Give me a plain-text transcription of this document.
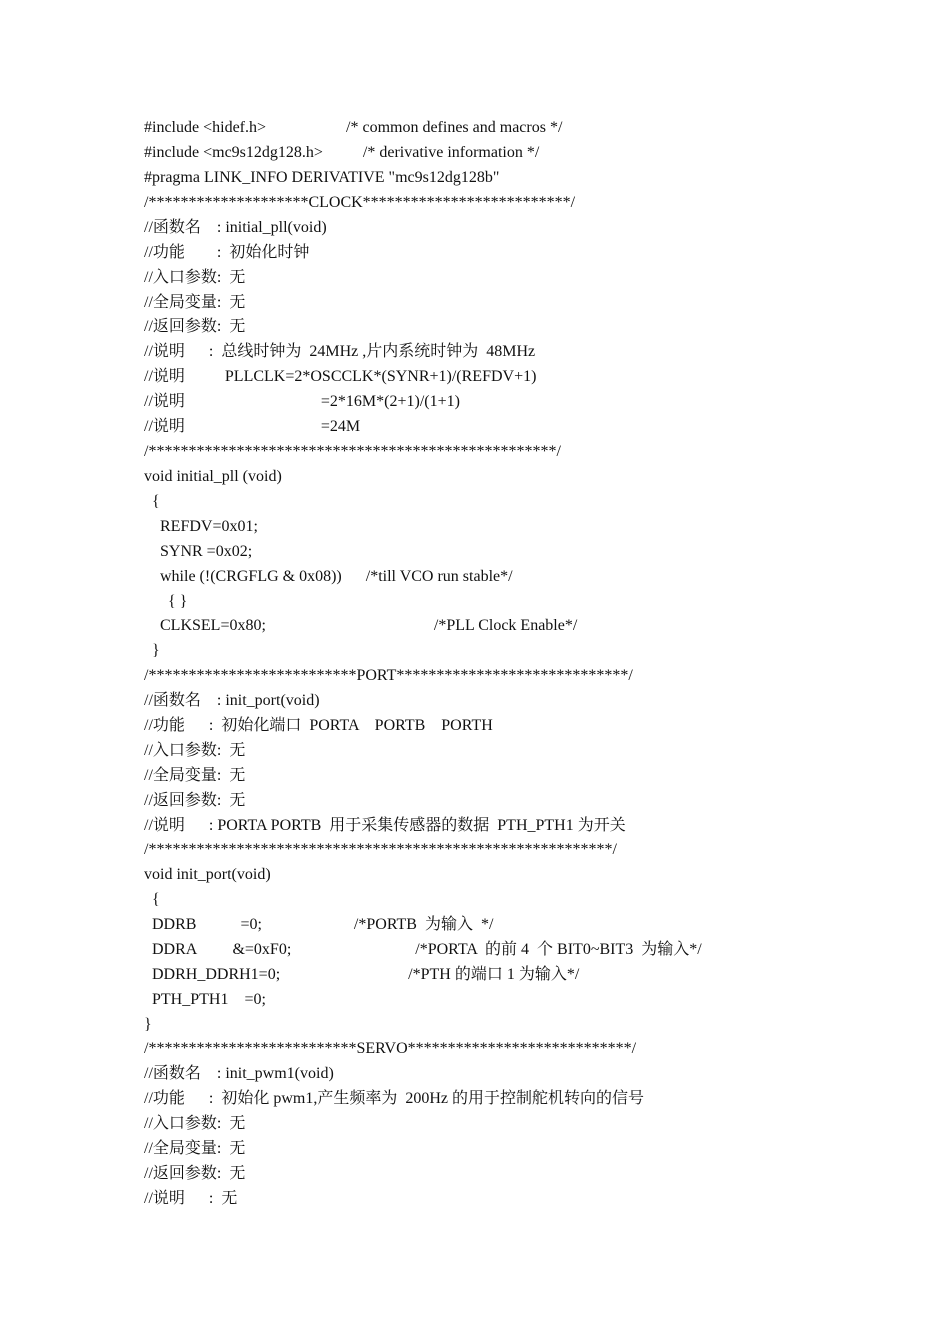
#include <hidef.h>                    /* common defines and macros */
#include <mc9s12dg128.h>          /* derivative information */
#pragma LINK_INFO DERIVATIVE "mc9s12dg128b"
/********************CLOCK**************************/
//函数名    : initial_pll(void)
//功能        :  初始化时钟
//入口参数:  无
//全局变量:  无
//返回参数:  无
//说明      :  总线时钟为  24MHz ,片内系统时钟为  48MHz
//说明          PLLCLK=2*OSCCLK*(SYNR+1)/(REFDV+1)
//说明                                  =2*16M*(2+1)/(1+1)
//说明                                  =24M
/***************************************************/
void initial_pll (void)
{
REFDV=0x01;
SYNR =0x02;
while (!(CRGFLG & 0x08))      /*till VCO run stable*/
{ }
CLKSEL=0x80;                                          /*PLL Clock Enable*/
}
/**************************PORT*****************************/
//函数名    : init_port(void)
//功能      :  初始化端口  PORTA    PORTB    PORTH
//入口参数:  无
//全局变量:  无
//返回参数:  无
//说明      : PORTA PORTB  用于采集传感器的数据  PTH_PTH1 为开关
/**********************************************************/
void init_port(void)
{
DDRB           =0;                       /*PORTB  为输入  */
DDRA         &=0xF0;                               /*PORTA  的前 4  个 BIT0~BIT3  为输入*/
DDRH_DDRH1=0;                                /*PTH 的端口 1 为输入*/
PTH_PTH1    =0;
}
/**************************SERVO****************************/
//函数名    : init_pwm1(void)
//功能      :  初始化 pwm1,产生频率为  200Hz 的用于控制舵机转向的信号
//入口参数:  无
//全局变量:  无
//返回参数:  无
//说明      :  无
